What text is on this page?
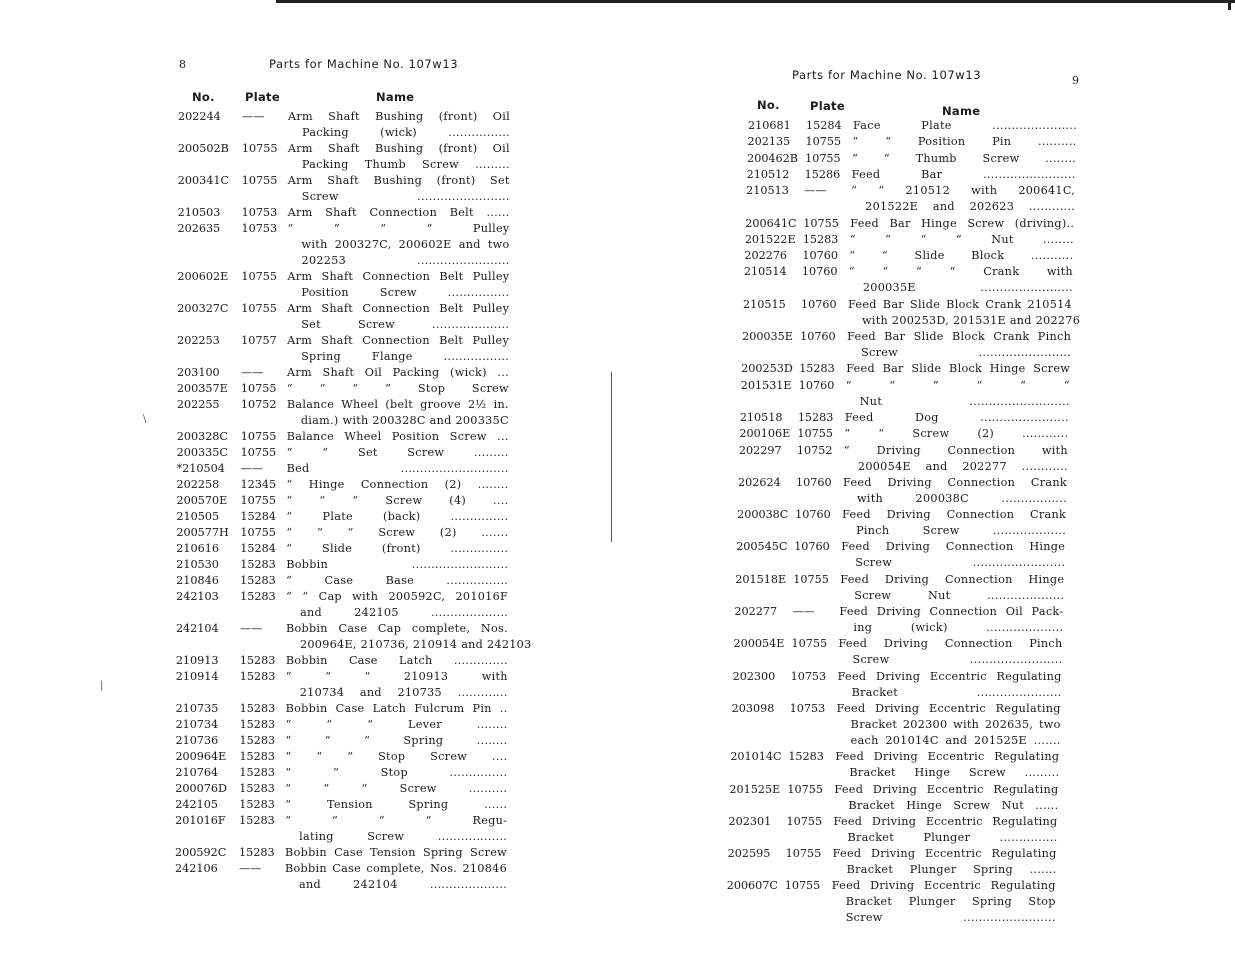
\
|
8	Parts for Machine No. 107w13
No.	Plate	Name
202244 —— Arm Shaft Bushing (front) Oil
Packing (wick) ................
200502B 10755 Arm Shaft Bushing (front) Oil
Packing Thumb Screw .........
200341C 10755 Arm Shaft Bushing (front) Set
Screw ........................
210503 10753 Arm Shaft Connection Belt ......
202635 10753 “ “ “ “ Pulley
with 200327C, 200602E and two
202253 ........................
200602E 10755 Arm Shaft Connection Belt Pulley
Position Screw ................
200327C 10755 Arm Shaft Connection Belt Pulley
Set Screw ....................
202253 10757 Arm Shaft Connection Belt Pulley
Spring Flange .................
203100 —— Arm Shaft Oil Packing (wick) ...
200357E 10755 “ “ “ “ Stop Screw
202255 10752 Balance Wheel (belt groove 2½ in.
diam.) with 200328C and 200335C
200328C 10755 Balance Wheel Position Screw ...
200335C 10755 “ “ Set Screw .........
*210504 —— Bed ............................
202258 12345 “ Hinge Connection (2) ........
200570E 10755 “ “ “ Screw (4) ....
210505 15284 “ Plate (back) ...............
200577H 10755 “ “ “ Screw (2) .......
210616 15284 “ Slide (front) ...............
210530 15283 Bobbin .........................
210846 15283 “ Case Base ................
242103 15283 “ “ Cap with 200592C, 201016F
and 242105 ....................
242104 —— Bobbin Case Cap complete, Nos.
200964E, 210736, 210914 and 242103
210913 15283 Bobbin Case Latch ..............
210914 15283 “ “ “ 210913 with
210734 and 210735 .............
210735 15283 Bobbin Case Latch Fulcrum Pin ..
210734 15283 “ “ “ Lever ........
210736 15283 “ “ “ Spring ........
200964E 15283 “ “ “ Stop Screw ....
210764 15283 “ “ Stop ...............
200076D 15283 “ “ “ Screw ..........
242105 15283 “ Tension Spring ......
201016F 15283 “ “ “ “ Regu-
lating Screw ..................
200592C 15283 Bobbin Case Tension Spring Screw
242106 —— Bobbin Case complete, Nos. 210846
and 242104 ....................
Parts for Machine No. 107w13	9
No.	Plate	Name
210681 15284 Face Plate ......................
202135 10755 “ “ Position Pin ..........
200462B 10755 “ “ Thumb Screw ........
210512 15286 Feed Bar ........................
210513 —— “ “ 210512 with 200641C,
201522E and 202623 ............
200641C 10755 Feed Bar Hinge Screw (driving)..
201522E 15283 “ “ “ “ Nut ........
202276 10760 “ “ Slide Block ...........
210514 10760 “ “ “ “ Crank with
200035E ........................
210515 10760 Feed Bar Slide Block Crank 210514
with 200253D, 201531E and 202276
200035E 10760 Feed Bar Slide Block Crank Pinch
Screw ........................
200253D 15283 Feed Bar Slide Block Hinge Screw
201531E 10760 “ “ “ “ “ “
Nut ..........................
210518 15283 Feed Dog .......................
200106E 10755 “ “ Screw (2) ............
202297 10752 “ Driving Connection with
200054E and 202277 ............
202624 10760 Feed Driving Connection Crank
with 200038C .................
200038C 10760 Feed Driving Connection Crank
Pinch Screw ...................
200545C 10760 Feed Driving Connection Hinge
Screw ........................
201518E 10755 Feed Driving Connection Hinge
Screw Nut ....................
202277 —— Feed Driving Connection Oil Pack-
ing (wick) ....................
200054E 10755 Feed Driving Connection Pinch
Screw ........................
202300 10753 Feed Driving Eccentric Regulating
Bracket ......................
203098 10753 Feed Driving Eccentric Regulating
Bracket 202300 with 202635, two
each 201014C and 201525E .......
201014C 15283 Feed Driving Eccentric Regulating
Bracket Hinge Screw .........
201525E 10755 Feed Driving Eccentric Regulating
Bracket Hinge Screw Nut ......
202301 10755 Feed Driving Eccentric Regulating
Bracket Plunger ...............
202595 10755 Feed Driving Eccentric Regulating
Bracket Plunger Spring .......
200607C 10755 Feed Driving Eccentric Regulating
Bracket Plunger Spring Stop
Screw ........................
